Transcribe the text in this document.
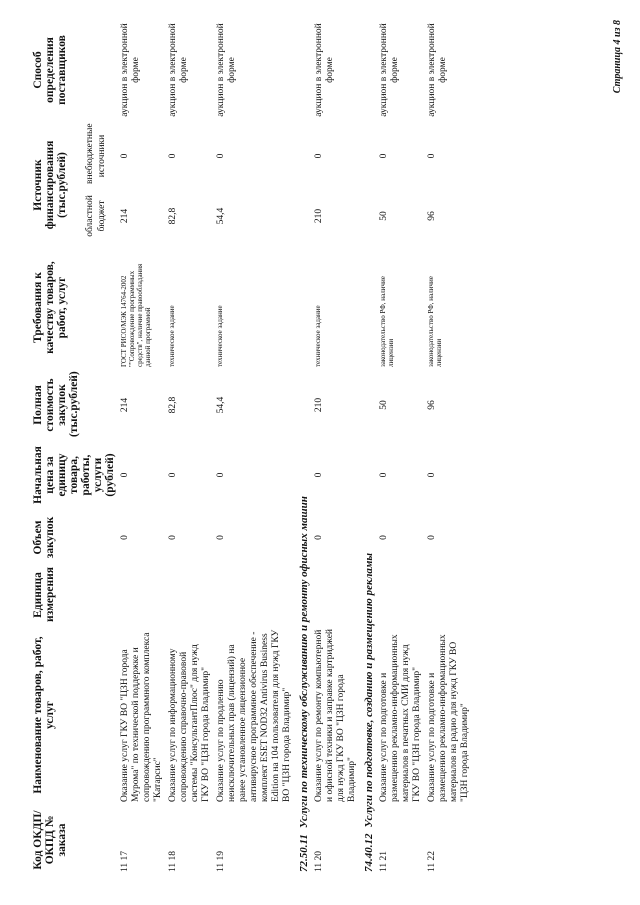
Код ОКДП/ ОКПД № заказа	Наименование товаров, работ, услуг	Единица измерения	Объем закупок	Начальная цена за единицу товара, работы, услуги (рублей)	Полная стоимость закупок (тыс.рублей)	Требования к качеству товаров, работ, услуг	Источник финансирования (тыс.рублей)		Способ определения поставщиков
							областной бюджет	внебюджетные источники	
11 17	Оказание услуг ГКУ ВО "ЦЗН города Мурома" по технической поддержке и сопровождению программного комплекса "Катарсис"		0	0	214	ГОСТ РИСО/МЭК 14764-2002 ""Сопровождение программных средств", наличие правообладания данной программой	214	0	аукцион в электронной форме
11 18	Оказание услуг по информационному сопровождению справочно-правовой системы "КонсультантПлюс" для нужд ГКУ ВО "ЦЗН города Владимир"		0	0	82,8	техническое задание	82,8	0	аукцион в электронной форме
11 19	Оказание услуг по продлению неисключительных прав (лицензий) на ранее установленное лицензионное антивирусное программное обеспечение - комплект ESET NOD32 Antivirus Business Edition на 104 пользователя для нужд ГКУ ВО "ЦЗН города Владимир"		0	0	54,4	техническое задание	54,4	0	аукцион в электронной форме
72.50.11Услуги по техническому обслуживанию и ремонту офисных машин									
11 20	Оказание услуг по ремонту компьютерной и офисной техники и заправке картриджей для нужд ГКУ ВО "ЦЗН города Владимир"		0	0	210	техническое задание	210	0	аукцион в электронной форме
74.40.12Услуги по подготовке, созданию и размещению рекламы									
11 21	Оказание услуг по подготовке и размещению рекламно-информационных материалов в печатных СМИ для нужд ГКУ ВО "ЦЗН города Владимир"		0	0	50	законодательство РФ, наличие лицензии	50	0	аукцион в электронной форме
11 22	Оказание услуг по подготовке и размещению рекламно-информационных материалов на радио для нужд ГКУ ВО "ЦЗН города Владимир"		0	0	96	законодательство РФ, наличие лицензии	96	0	аукцион в электронной форме	Страница 4 из 8
